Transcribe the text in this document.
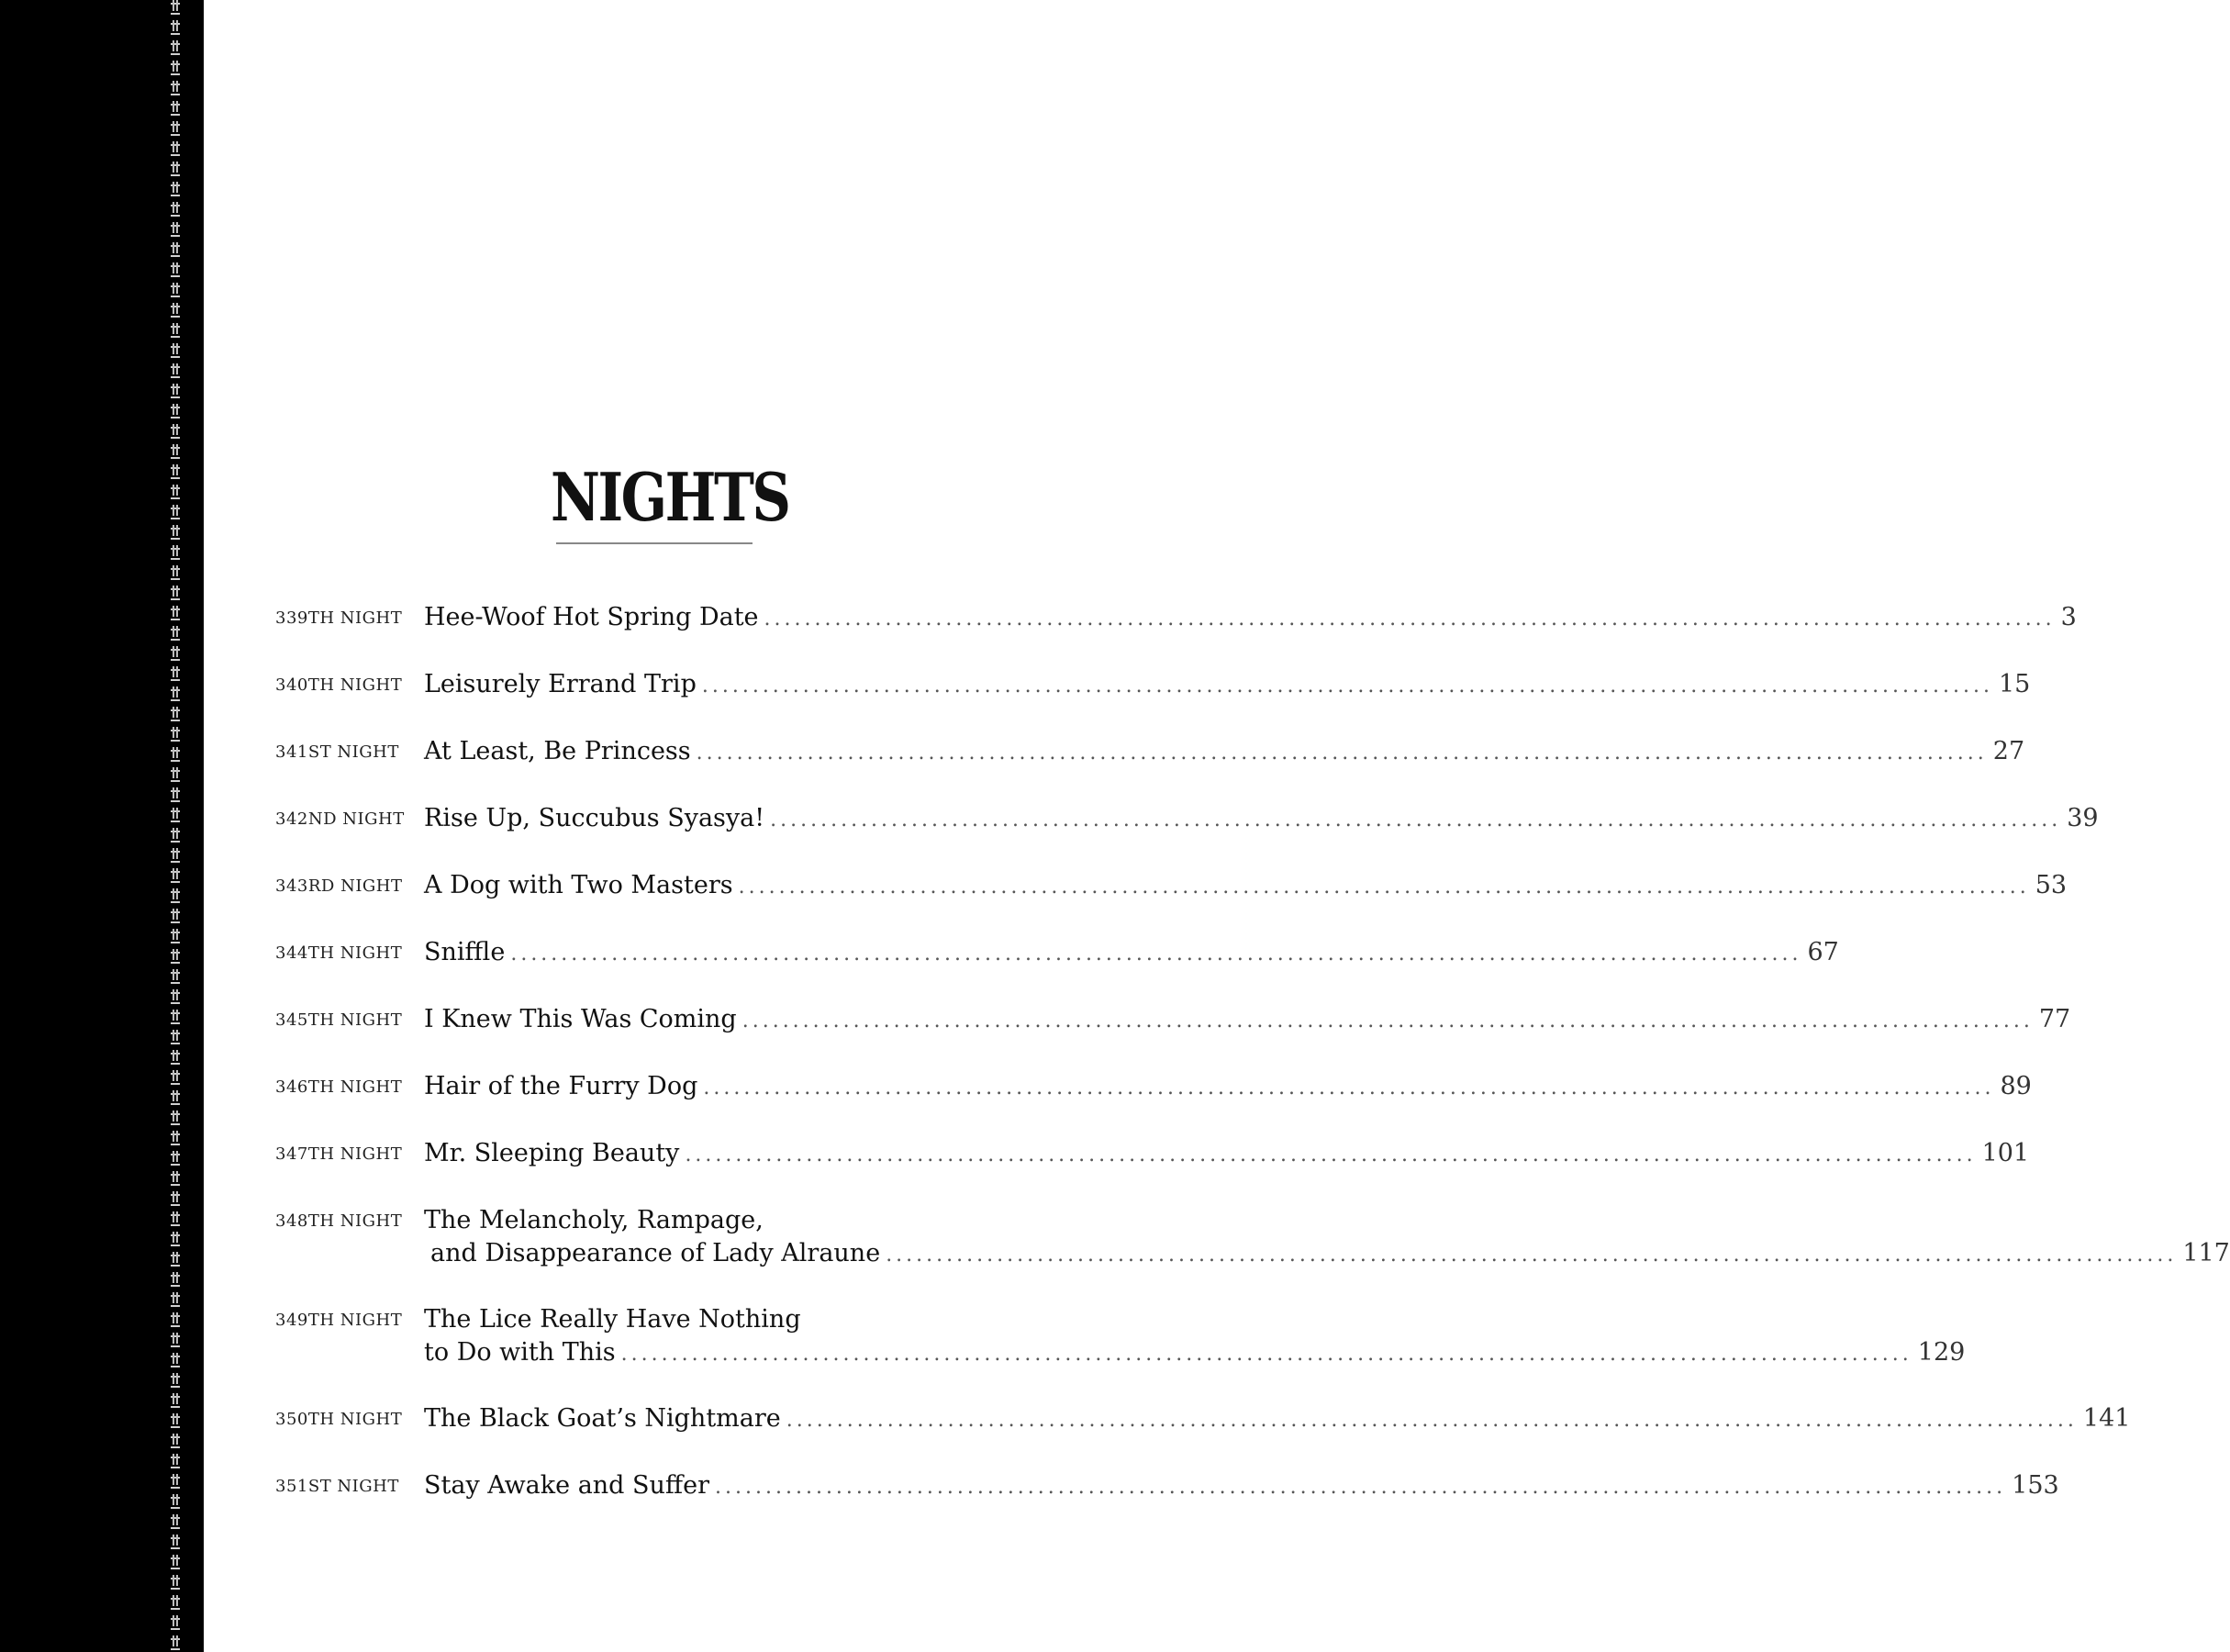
NIGHTS
339TH NIGHT Hee-Woof Hot Spring Date .....	3
340TH NIGHT Leisurely Errand Trip .....	15
341ST NIGHT	At Least, Be Princess .....	27
342ND NIGHT Rise Up, Succubus Syasya! .....	39
343RD NIGHT A Dog with Two Masters .....	53
344TH NIGHT Sniffle .....	67
345TH NIGHT I Knew This Was Coming .....	77
346TH NIGHT Hair of the Furry Dog .....	89
347TH NIGHT Mr. Sleeping Beauty .....	101
348TH NIGHT The Melancholy, Rampage,
and Disappearance of Lady Alraune .....	117
349TH NIGHT The Lice Really Have Nothing
to Do with This .....	129
350TH NIGHT The Black Goat’s Nightmare .....	141
351ST NIGHT	Stay Awake and Suffer .....	153
